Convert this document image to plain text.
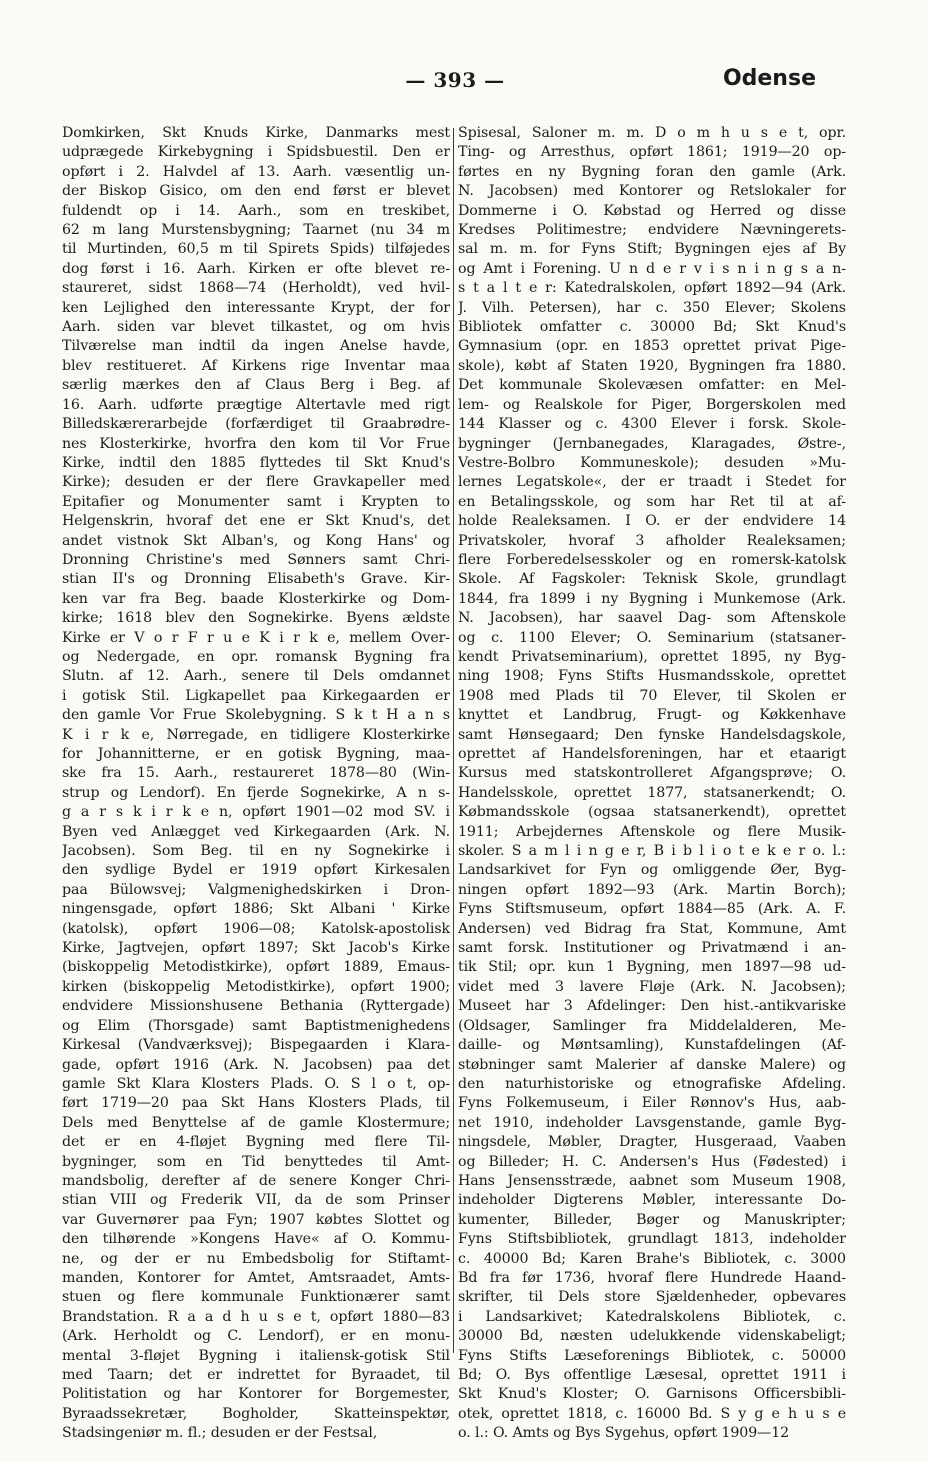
— 393 —	Odense
Domkirken, Skt Knuds Kirke, Danmarks mest
udprægede Kirkebygning i Spidsbuestil. Den er
opført i 2. Halvdel af 13. Aarh. væsentlig un-
der Biskop Gisico, om den end først er blevet
fuldendt op i 14. Aarh., som en treskibet,
62 m lang Murstensbygning; Taarnet (nu 34 m
til Murtinden, 60,5 m til Spirets Spids) tilføjedes
dog først i 16. Aarh. Kirken er ofte blevet re-
staureret, sidst 1868—74 (Herholdt), ved hvil-
ken Lejlighed den interessante Krypt, der for
Aarh. siden var blevet tilkastet, og om hvis
Tilværelse man indtil da ingen Anelse havde,
blev restitueret. Af Kirkens rige Inventar maa
særlig mærkes den af Claus Berg i Beg. af
16. Aarh. udførte prægtige Altertavle med rigt
Billedskærerarbejde (forfærdiget til Graabrødre-
nes Klosterkirke, hvorfra den kom til Vor Frue
Kirke, indtil den 1885 flyttedes til Skt Knud's
Kirke); desuden er der flere Gravkapeller med
Epitafier og Monumenter samt i Krypten to
Helgenskrin, hvoraf det ene er Skt Knud's, det
andet vistnok Skt Alban's, og Kong Hans' og
Dronning Christine's med Sønners samt Chri-
stian II's og Dronning Elisabeth's Grave. Kir-
ken var fra Beg. baade Klosterkirke og Dom-
kirke; 1618 blev den Sognekirke. Byens ældste
Kirke er V o r F r u e K i r k e, mellem Over-
og Nedergade, en opr. romansk Bygning fra
Slutn. af 12. Aarh., senere til Dels omdannet
i gotisk Stil. Ligkapellet paa Kirkegaarden er
den gamle Vor Frue Skolebygning. S k t H a n s
K i r k e, Nørregade, en tidligere Klosterkirke
for Johannitterne, er en gotisk Bygning, maa-
ske fra 15. Aarh., restaureret 1878—80 (Win-
strup og Lendorf). En fjerde Sognekirke, A n s-
g a r s k i r k e n, opført 1901—02 mod SV. i
Byen ved Anlægget ved Kirkegaarden (Ark. N.
Jacobsen). Som Beg. til en ny Sognekirke i
den sydlige Bydel er 1919 opført Kirkesalen
paa Bülowsvej; Valgmenighedskirken i Dron-
ningensgade, opført 1886; Skt Albani ' Kirke
(katolsk), opført 1906—08; Katolsk-apostolisk
Kirke, Jagtvejen, opført 1897; Skt Jacob's Kirke
(biskoppelig Metodistkirke), opført 1889, Emaus-
kirken (biskoppelig Metodistkirke), opført 1900;
endvidere Missionshusene Bethania (Ryttergade)
og Elim (Thorsgade) samt Baptistmenighedens
Kirkesal (Vandværksvej); Bispegaarden i Klara-
gade, opført 1916 (Ark. N. Jacobsen) paa det
gamle Skt Klara Klosters Plads. O. S l o t, op-
ført 1719—20 paa Skt Hans Klosters Plads, til
Dels med Benyttelse af de gamle Klostermure;
det er en 4-fløjet Bygning med flere Til-
bygninger, som en Tid benyttedes til Amt-
mandsbolig, derefter af de senere Konger Chri-
stian VIII og Frederik VII, da de som Prinser
var Guvernører paa Fyn; 1907 købtes Slottet og
den tilhørende »Kongens Have« af O. Kommu-
ne, og der er nu Embedsbolig for Stiftamt-
manden, Kontorer for Amtet, Amtsraadet, Amts-
stuen og flere kommunale Funktionærer samt
Brandstation. R a a d h u s e t, opført 1880—83
(Ark. Herholdt og C. Lendorf), er en monu-
mental 3-fløjet Bygning i italiensk-gotisk Stil
med Taarn; det er indrettet for Byraadet, til
Politistation og har Kontorer for Borgemester,
Byraadssekretær, Bogholder, Skatteinspektør,
Stadsingeniør m. fl.; desuden er der Festsal,
Spisesal, Saloner m. m. D o m h u s e t, opr.
Ting- og Arresthus, opført 1861; 1919—20 op-
førtes en ny Bygning foran den gamle (Ark.
N. Jacobsen) med Kontorer og Retslokaler for
Dommerne i O. Købstad og Herred og disse
Kredses Politimestre; endvidere Nævningerets-
sal m. m. for Fyns Stift; Bygningen ejes af By
og Amt i Forening. U n d e r v i s n i n g s a n-
s t a l t e r: Katedralskolen, opført 1892—94 (Ark.
J. Vilh. Petersen), har c. 350 Elever; Skolens
Bibliotek omfatter c. 30000 Bd; Skt Knud's
Gymnasium (opr. en 1853 oprettet privat Pige-
skole), købt af Staten 1920, Bygningen fra 1880.
Det kommunale Skolevæsen omfatter: en Mel-
lem- og Realskole for Piger, Borgerskolen med
144 Klasser og c. 4300 Elever i forsk. Skole-
bygninger (Jernbanegades, Klaragades, Østre-,
Vestre-Bolbro Kommuneskole); desuden »Mu-
lernes Legatskole«, der er traadt i Stedet for
en Betalingsskole, og som har Ret til at af-
holde Realeksamen. I O. er der endvidere 14
Privatskoler, hvoraf 3 afholder Realeksamen;
flere Forberedelsesskoler og en romersk-katolsk
Skole. Af Fagskoler: Teknisk Skole, grundlagt
1844, fra 1899 i ny Bygning i Munkemose (Ark.
N. Jacobsen), har saavel Dag- som Aftenskole
og c. 1100 Elever; O. Seminarium (statsaner-
kendt Privatseminarium), oprettet 1895, ny Byg-
ning 1908; Fyns Stifts Husmandsskole, oprettet
1908 med Plads til 70 Elever, til Skolen er
knyttet et Landbrug, Frugt- og Køkkenhave
samt Hønsegaard; Den fynske Handelsdagskole,
oprettet af Handelsforeningen, har et etaarigt
Kursus med statskontrolleret Afgangsprøve; O.
Handelsskole, oprettet 1877, statsanerkendt; O.
Købmandsskole (ogsaa statsanerkendt), oprettet
1911; Arbejdernes Aftenskole og flere Musik-
skoler. S a m l i n g e r, B i b l i o t e k e r o. l.:
Landsarkivet for Fyn og omliggende Øer, Byg-
ningen opført 1892—93 (Ark. Martin Borch);
Fyns Stiftsmuseum, opført 1884—85 (Ark. A. F.
Andersen) ved Bidrag fra Stat, Kommune, Amt
samt forsk. Institutioner og Privatmænd i an-
tik Stil; opr. kun 1 Bygning, men 1897—98 ud-
videt med 3 lavere Fløje (Ark. N. Jacobsen);
Museet har 3 Afdelinger: Den hist.-antikvariske
(Oldsager, Samlinger fra Middelalderen, Me-
daille- og Møntsamling), Kunstafdelingen (Af-
støbninger samt Malerier af danske Malere) og
den naturhistoriske og etnografiske Afdeling.
Fyns Folkemuseum, i Eiler Rønnov's Hus, aab-
net 1910, indeholder Lavsgenstande, gamle Byg-
ningsdele, Møbler, Dragter, Husgeraad, Vaaben
og Billeder; H. C. Andersen's Hus (Fødested) i
Hans Jensensstræde, aabnet som Museum 1908,
indeholder Digterens Møbler, interessante Do-
kumenter, Billeder, Bøger og Manuskripter;
Fyns Stiftsbibliotek, grundlagt 1813, indeholder
c. 40000 Bd; Karen Brahe's Bibliotek, c. 3000
Bd fra før 1736, hvoraf flere Hundrede Haand-
skrifter, til Dels store Sjældenheder, opbevares
i Landsarkivet; Katedralskolens Bibliotek, c.
30000 Bd, næsten udelukkende videnskabeligt;
Fyns Stifts Læseforenings Bibliotek, c. 50000
Bd; O. Bys offentlige Læsesal, oprettet 1911 i
Skt Knud's Kloster; O. Garnisons Officersbibli-
otek, oprettet 1818, c. 16000 Bd. S y g e h u s e
o. l.: O. Amts og Bys Sygehus, opført 1909—12
